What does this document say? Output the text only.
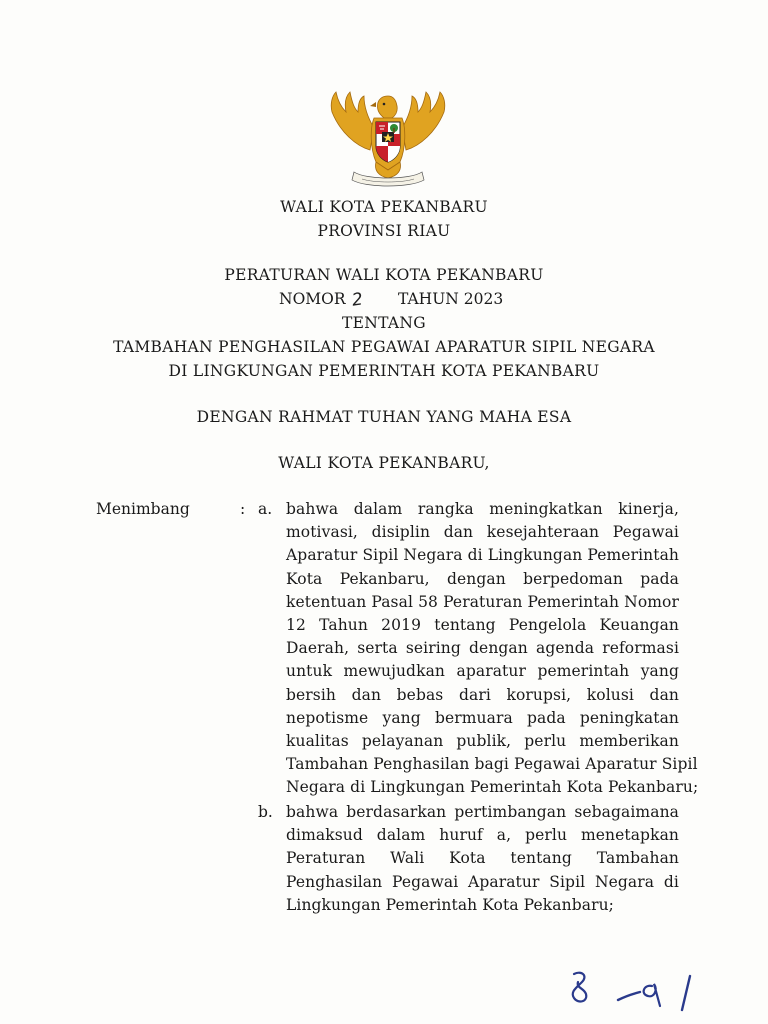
WALI KOTA PEKANBARU
PROVINSI RIAU
PERATURAN WALI KOTA PEKANBARU
NOMOR 2 TAHUN 2023
TENTANG
TAMBAHAN PENGHASILAN PEGAWAI APARATUR SIPIL NEGARA
DI LINGKUNGAN PEMERINTAH KOTA PEKANBARU
DENGAN RAHMAT TUHAN YANG MAHA ESA
WALI KOTA PEKANBARU,
Menimbang	: a. bahwa dalam rangka meningkatkan kinerja,
motivasi, disiplin dan kesejahteraan Pegawai
Aparatur Sipil Negara di Lingkungan Pemerintah
Kota Pekanbaru, dengan berpedoman pada
ketentuan Pasal 58 Peraturan Pemerintah Nomor
12 Tahun 2019 tentang Pengelola Keuangan
Daerah, serta seiring dengan agenda reformasi
untuk mewujudkan aparatur pemerintah yang
bersih dan bebas dari korupsi, kolusi dan
nepotisme yang bermuara pada peningkatan
kualitas pelayanan publik, perlu memberikan
Tambahan Penghasilan bagi Pegawai Aparatur Sipil
Negara di Lingkungan Pemerintah Kota Pekanbaru;
b. bahwa berdasarkan pertimbangan sebagaimana
dimaksud dalam huruf a, perlu menetapkan
Peraturan Wali Kota tentang Tambahan
Penghasilan Pegawai Aparatur Sipil Negara di
Lingkungan Pemerintah Kota Pekanbaru;
